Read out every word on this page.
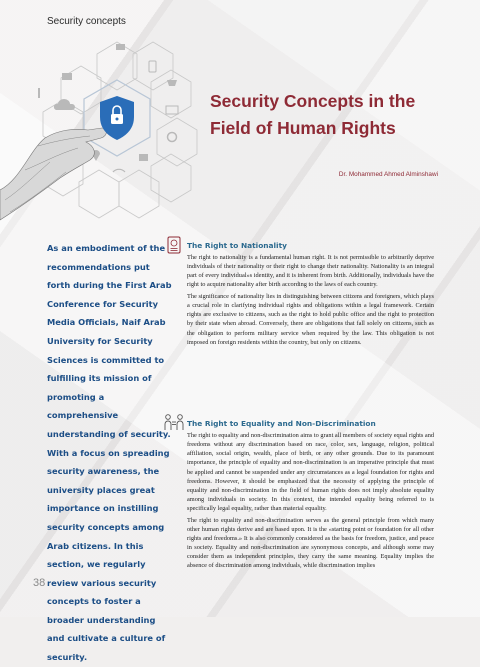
Security concepts
Security Concepts in the Field of Human Rights
Dr. Mohammed Ahmed Alminshawi

As an embodiment of the recommendations put forth during the First Arab Conference for Security Media Officials, Naif Arab University for Security Sciences is committed to fulfilling its mission of promoting a comprehensive understanding of security. With a focus on spreading security awareness, the university places great importance on instilling security concepts among Arab citizens. In this section, we regularly review various security concepts to foster a broader understanding and cultivate a culture of security.

The Right to Nationality

The right to nationality is a fundamental human right. It is not permissible to arbitrarily deprive individuals of their nationality or their right to change their nationality. Nationality is an integral part of every individual»s identity, and it is inherent from birth. Additionally, individuals have the right to acquire nationality after birth according to the laws of each country.

The significance of nationality lies in distinguishing between citizens and foreigners, which plays a crucial role in clarifying individual rights and obligations within a legal framework. Certain rights are exclusive to citizens, such as the right to hold public office and the right to protection by their state when abroad. Conversely, there are obligations that fall solely on citizens, such as the obligation to perform military service when required by the law. This obligation is not imposed on foreign residents within the country, but only on citizens.

The Right to Equality and Non-Discrimination

The right to equality and non-discrimination aims to grant all members of society equal rights and freedoms without any discrimination based on race, color, sex, language, religion, political affiliation, social origin, wealth, place of birth, or any other grounds. Due to its paramount importance, the principle of equality and non-discrimination is an imperative principle that must be applied and cannot be suspended under any circumstances as a legal foundation for rights and freedoms. However, it should be emphasized that the necessity of applying the principle of equality and non-discrimination in the field of human rights does not imply absolute equality among individuals in society. In this context, the intended equality being referred to is specifically legal equality, rather than material equality.

The right to equality and non-discrimination serves as the general principle from which many other human rights derive and are based upon. It is the «starting point or foundation for all other rights and freedoms.» It is also commonly considered as the basis for freedom, justice, and peace in society. Equality and non-discrimination are synonymous concepts, and although some may consider them as independent principles, they carry the same meaning. Equality implies the absence of discrimination among individuals, while discrimination implies

38
